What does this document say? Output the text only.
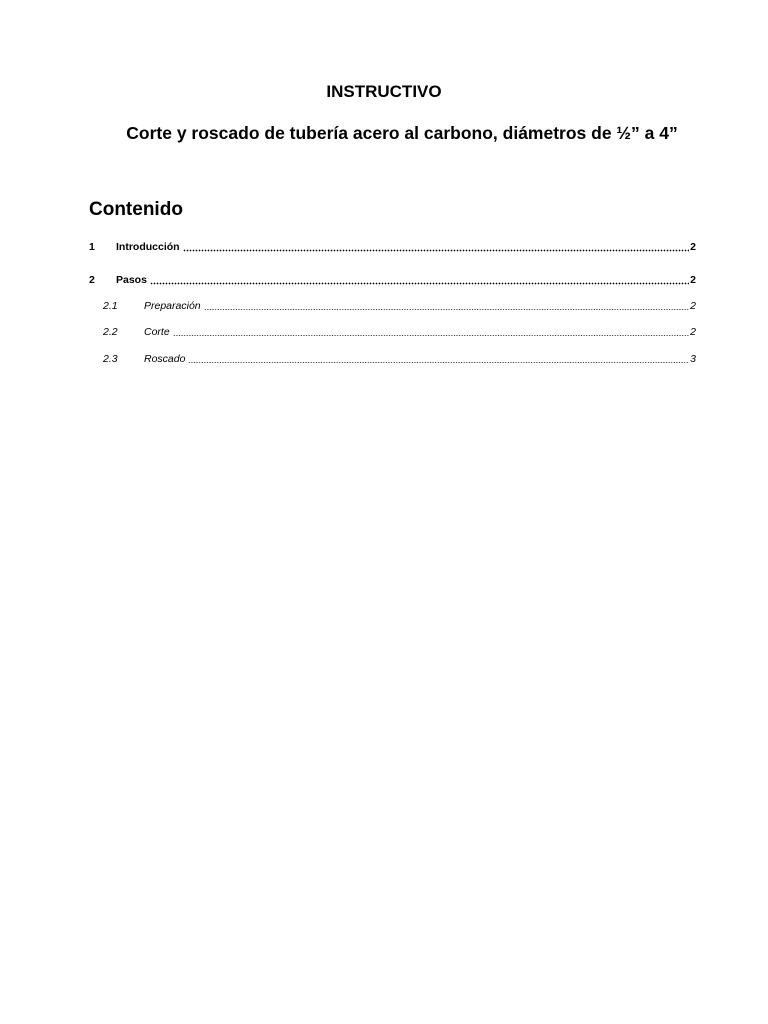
INSTRUCTIVO
Corte y roscado de tubería acero al carbono, diámetros de ½” a 4”
Contenido
1	Introducción	2
2	Pasos	2
2.1	Preparación	2
2.2	Corte	2
2.3	Roscado	3
